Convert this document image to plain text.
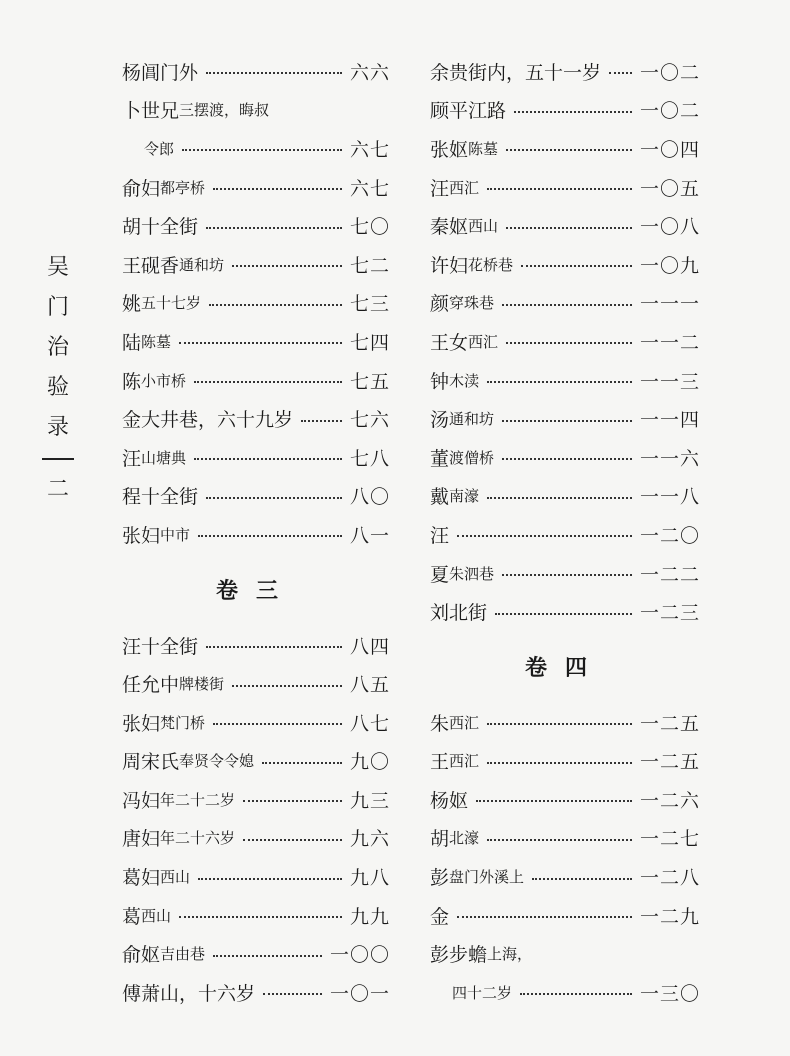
吴
门
治
验
录
二
杨阊门外	六六
卜世兄 三摆渡，晦叔
令郎	六七
俞妇 都亭桥	六七
胡十全街	七〇
王砚香 通和坊	七二
姚 五十七岁	七三
陆 陈墓	七四
陈 小市桥	七五
金大井巷，六十九岁	七六
汪 山塘典	七八
程十全街	八〇
张妇 中市	八一
卷三
汪十全街	八四
任允中 牌楼街	八五
张妇 梵门桥	八七
周宋氏 奉贤令令媳	九〇
冯妇 年二十二岁	九三
唐妇 年二十六岁	九六
葛妇 西山	九八
葛 西山	九九
俞妪 吉由巷	一〇〇
傅萧山，十六岁	一〇一
余贵街内，五十一岁 一〇二
顾平江路	一〇二
张妪 陈墓	一〇四
汪 西汇	一〇五
秦妪 西山	一〇八
许妇 花桥巷	一〇九
颜 穿珠巷	一一一
王女 西汇	一一二
钟 木渎	一一三
汤 通和坊	一一四
董 渡僧桥	一一六
戴 南濠	一一八
汪	一二〇
夏 朱泗巷	一二二
刘北街	一二三
卷四
朱 西汇	一二五
王 西汇	一二五
杨妪	一二六
胡 北濠	一二七
彭 盘门外溪上	一二八
金	一二九
彭步蟾 上海，
四十二岁	一三〇
